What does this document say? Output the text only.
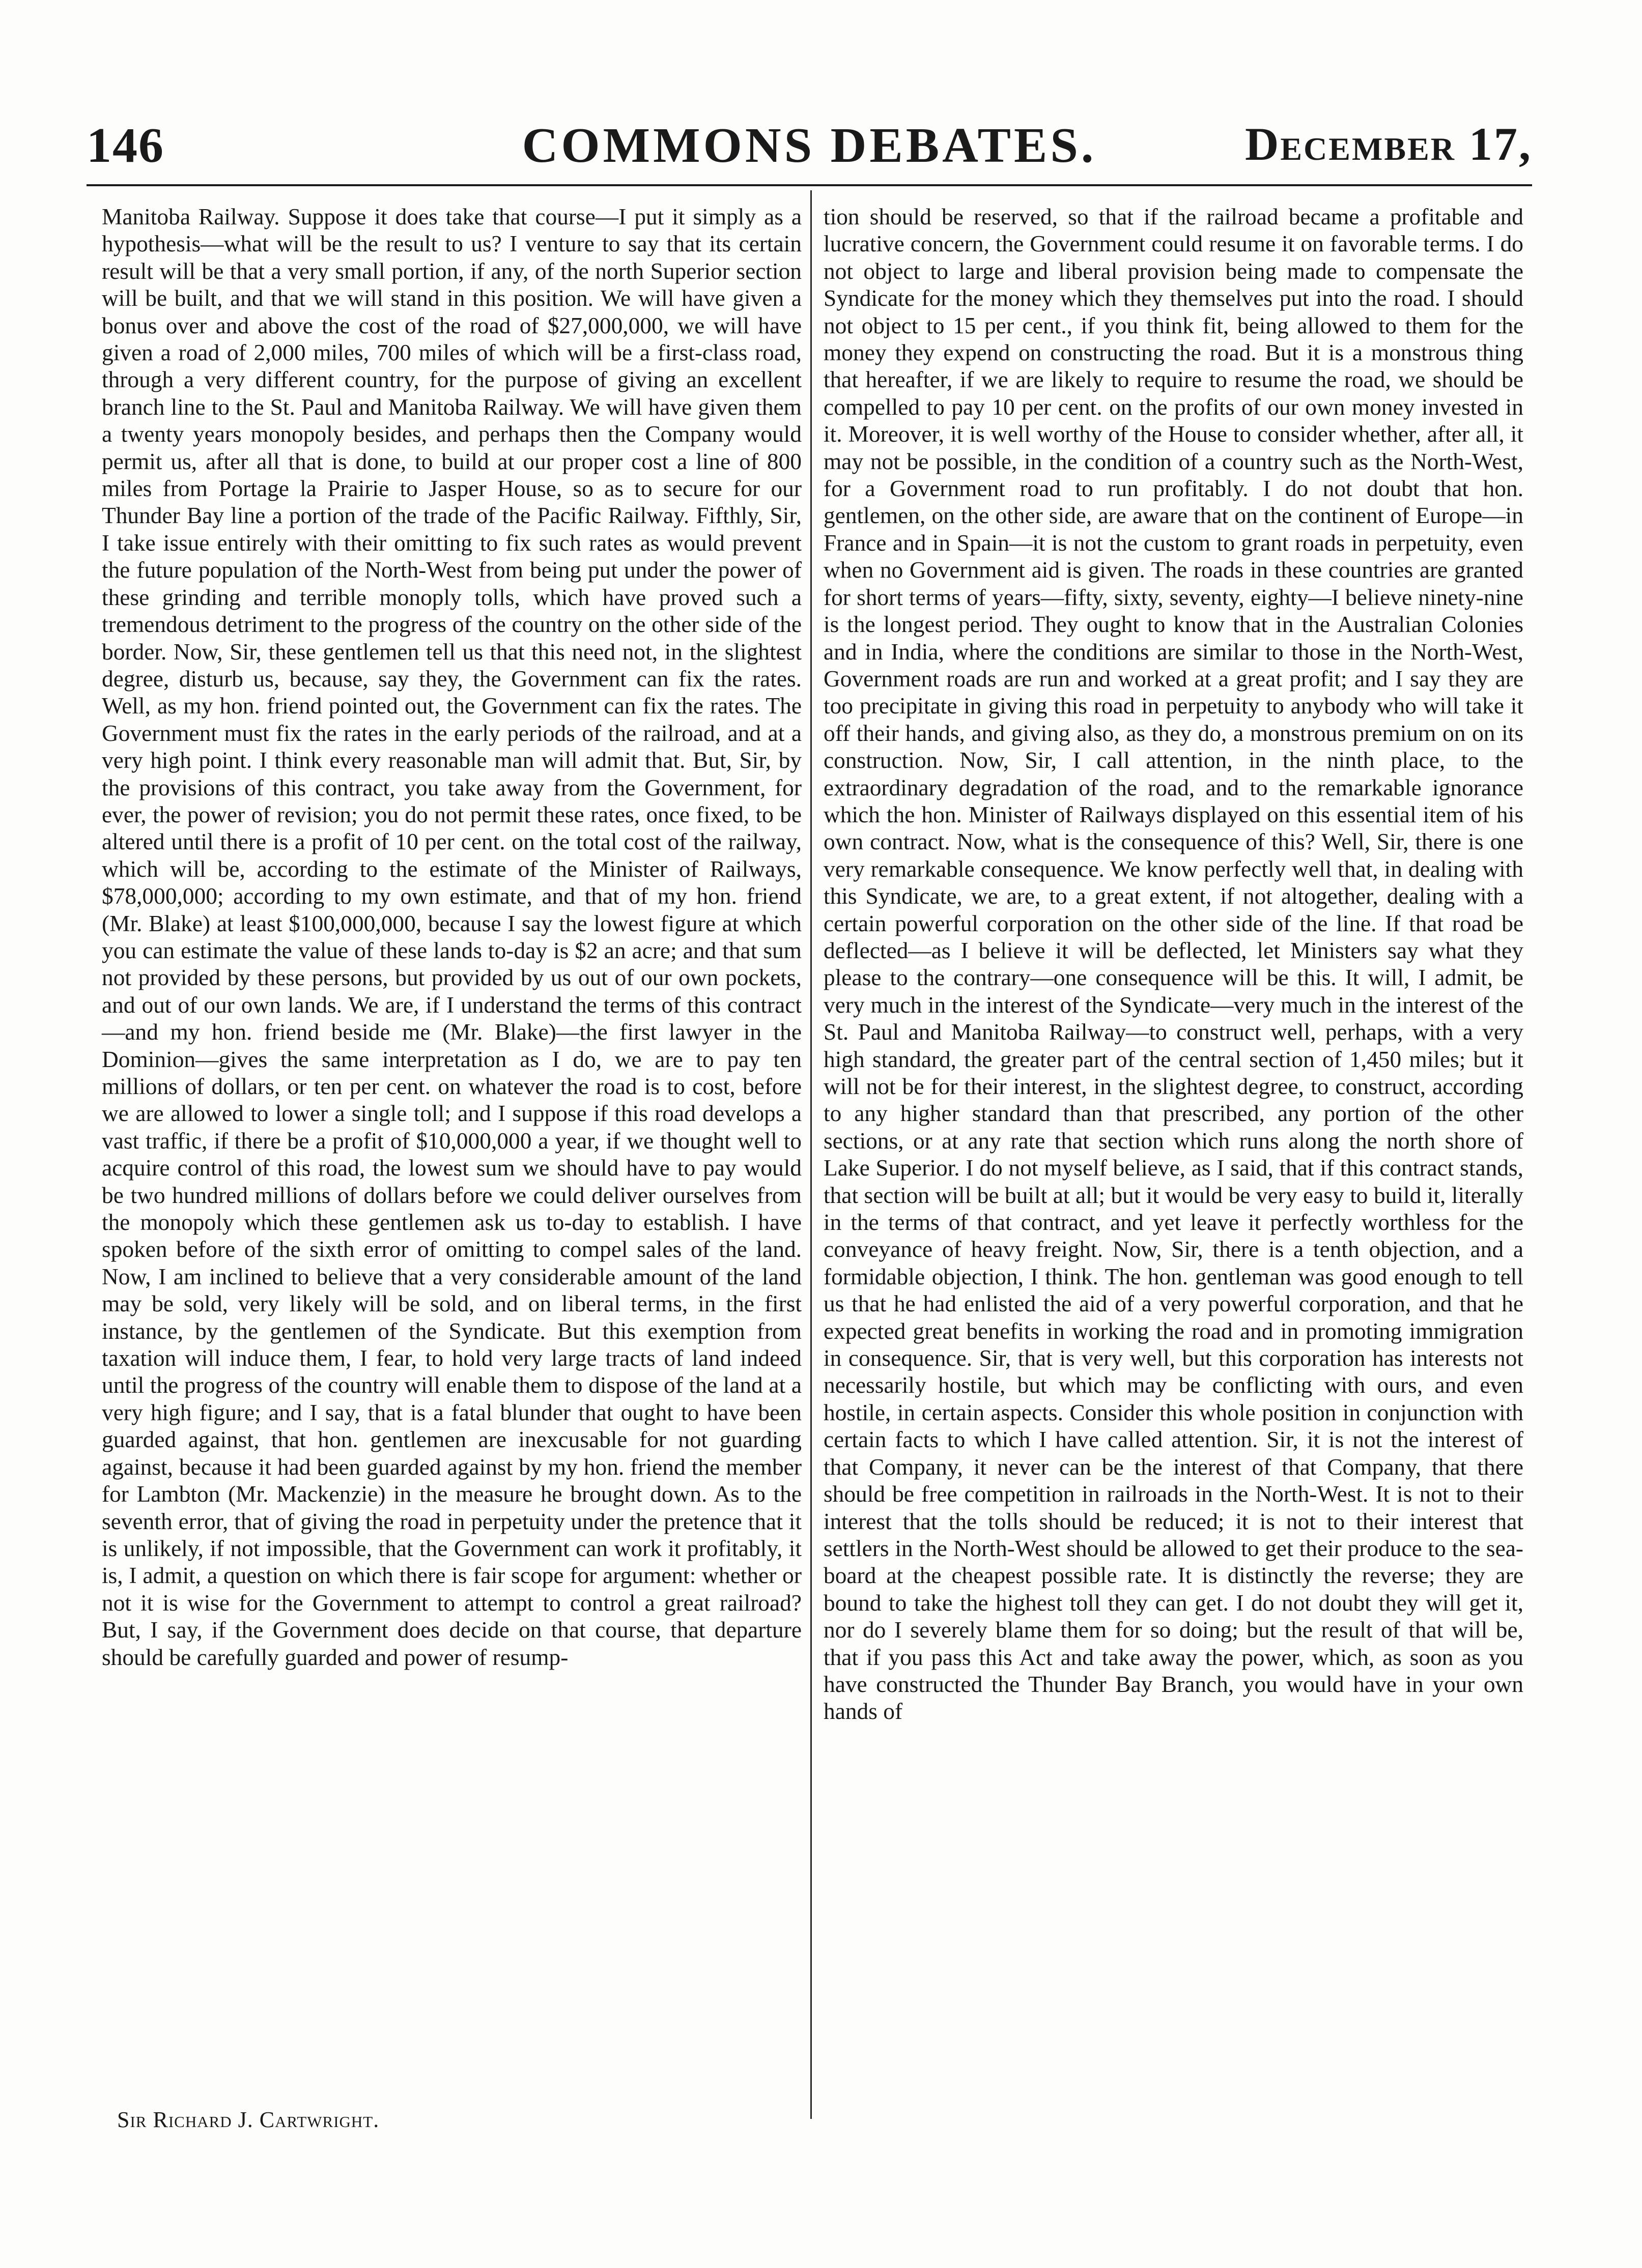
146	COMMONS DEBATES.	December 17,

Manitoba Railway. Suppose it does take that course—I put it simply as a hypothesis—what will be the result to us? I venture to say that its certain result will be that a very small portion, if any, of the north Superior section will be built, and that we will stand in this position. We will have given a bonus over and above the cost of the road of $27,000,000, we will have given a road of 2,000 miles, 700 miles of which will be a first-class road, through a very different country, for the purpose of giving an excellent branch line to the St. Paul and Manitoba Railway. We will have given them a twenty years monopoly besides, and perhaps then the Company would permit us, after all that is done, to build at our proper cost a line of 800 miles from Portage la Prairie to Jasper House, so as to secure for our Thunder Bay line a portion of the trade of the Pacific Railway. Fifthly, Sir, I take issue entirely with their omitting to fix such rates as would prevent the future population of the North-West from being put under the power of these grinding and terrible monoply tolls, which have proved such a tremendous detriment to the progress of the country on the other side of the border. Now, Sir, these gentlemen tell us that this need not, in the slightest degree, disturb us, because, say they, the Government can fix the rates. Well, as my hon. friend pointed out, the Government can fix the rates. The Government must fix the rates in the early periods of the railroad, and at a very high point. I think every reasonable man will admit that. But, Sir, by the provisions of this contract, you take away from the Government, for ever, the power of revision; you do not permit these rates, once fixed, to be altered until there is a profit of 10 per cent. on the total cost of the railway, which will be, according to the estimate of the Minister of Railways, $78,000,000; according to my own estimate, and that of my hon. friend (Mr. Blake) at least $100,000,000, because I say the lowest figure at which you can estimate the value of these lands to-day is $2 an acre; and that sum not provided by these persons, but provided by us out of our own pockets, and out of our own lands. We are, if I understand the terms of this contract—and my hon. friend beside me (Mr. Blake)—the first lawyer in the Dominion—gives the same interpretation as I do, we are to pay ten millions of dollars, or ten per cent. on whatever the road is to cost, before we are allowed to lower a single toll; and I suppose if this road develops a vast traffic, if there be a profit of $10,000,000 a year, if we thought well to acquire control of this road, the lowest sum we should have to pay would be two hundred millions of dollars before we could deliver ourselves from the monopoly which these gentlemen ask us to-day to establish. I have spoken before of the sixth error of omitting to compel sales of the land. Now, I am inclined to believe that a very considerable amount of the land may be sold, very likely will be sold, and on liberal terms, in the first instance, by the gentlemen of the Syndicate. But this exemption from taxation will induce them, I fear, to hold very large tracts of land indeed until the progress of the country will enable them to dispose of the land at a very high figure; and I say, that is a fatal blunder that ought to have been guarded against, that hon. gentlemen are inexcusable for not guarding against, because it had been guarded against by my hon. friend the member for Lambton (Mr. Mackenzie) in the measure he brought down. As to the seventh error, that of giving the road in perpetuity under the pretence that it is unlikely, if not impossible, that the Government can work it profitably, it is, I admit, a question on which there is fair scope for argument: whether or not it is wise for the Government to attempt to control a great railroad? But, I say, if the Government does decide on that course, that departure should be carefully guarded and power of resump-

tion should be reserved, so that if the railroad became a profitable and lucrative concern, the Government could resume it on favorable terms. I do not object to large and liberal provision being made to compensate the Syndicate for the money which they themselves put into the road. I should not object to 15 per cent., if you think fit, being allowed to them for the money they expend on constructing the road. But it is a monstrous thing that hereafter, if we are likely to require to resume the road, we should be compelled to pay 10 per cent. on the profits of our own money invested in it. Moreover, it is well worthy of the House to consider whether, after all, it may not be possible, in the condition of a country such as the North-West, for a Government road to run profitably. I do not doubt that hon. gentlemen, on the other side, are aware that on the continent of Europe—in France and in Spain—it is not the custom to grant roads in perpetuity, even when no Government aid is given. The roads in these countries are granted for short terms of years—fifty, sixty, seventy, eighty—I believe ninety-nine is the longest period. They ought to know that in the Australian Colonies and in India, where the conditions are similar to those in the North-West, Government roads are run and worked at a great profit; and I say they are too precipitate in giving this road in perpetuity to anybody who will take it off their hands, and giving also, as they do, a monstrous premium on on its construction. Now, Sir, I call attention, in the ninth place, to the extraordinary degradation of the road, and to the remarkable ignorance which the hon. Minister of Railways displayed on this essential item of his own contract. Now, what is the consequence of this? Well, Sir, there is one very remarkable consequence. We know perfectly well that, in dealing with this Syndicate, we are, to a great extent, if not altogether, dealing with a certain powerful corporation on the other side of the line. If that road be deflected—as I believe it will be deflected, let Ministers say what they please to the contrary—one consequence will be this. It will, I admit, be very much in the interest of the Syndicate—very much in the interest of the St. Paul and Manitoba Railway—to construct well, perhaps, with a very high standard, the greater part of the central section of 1,450 miles; but it will not be for their interest, in the slightest degree, to construct, according to any higher standard than that prescribed, any portion of the other sections, or at any rate that section which runs along the north shore of Lake Superior. I do not myself believe, as I said, that if this contract stands, that section will be built at all; but it would be very easy to build it, literally in the terms of that contract, and yet leave it perfectly worthless for the conveyance of heavy freight. Now, Sir, there is a tenth objection, and a formidable objection, I think. The hon. gentleman was good enough to tell us that he had enlisted the aid of a very powerful corporation, and that he expected great benefits in working the road and in promoting immigration in consequence. Sir, that is very well, but this corporation has interests not necessarily hostile, but which may be conflicting with ours, and even hostile, in certain aspects. Consider this whole position in conjunction with certain facts to which I have called attention. Sir, it is not the interest of that Company, it never can be the interest of that Company, that there should be free competition in railroads in the North-West. It is not to their interest that the tolls should be reduced; it is not to their interest that settlers in the North-West should be allowed to get their produce to the sea-board at the cheapest possible rate. It is distinctly the reverse; they are bound to take the highest toll they can get. I do not doubt they will get it, nor do I severely blame them for so doing; but the result of that will be, that if you pass this Act and take away the power, which, as soon as you have constructed the Thunder Bay Branch, you would have in your own hands of

Sir Richard J. Cartwright.
